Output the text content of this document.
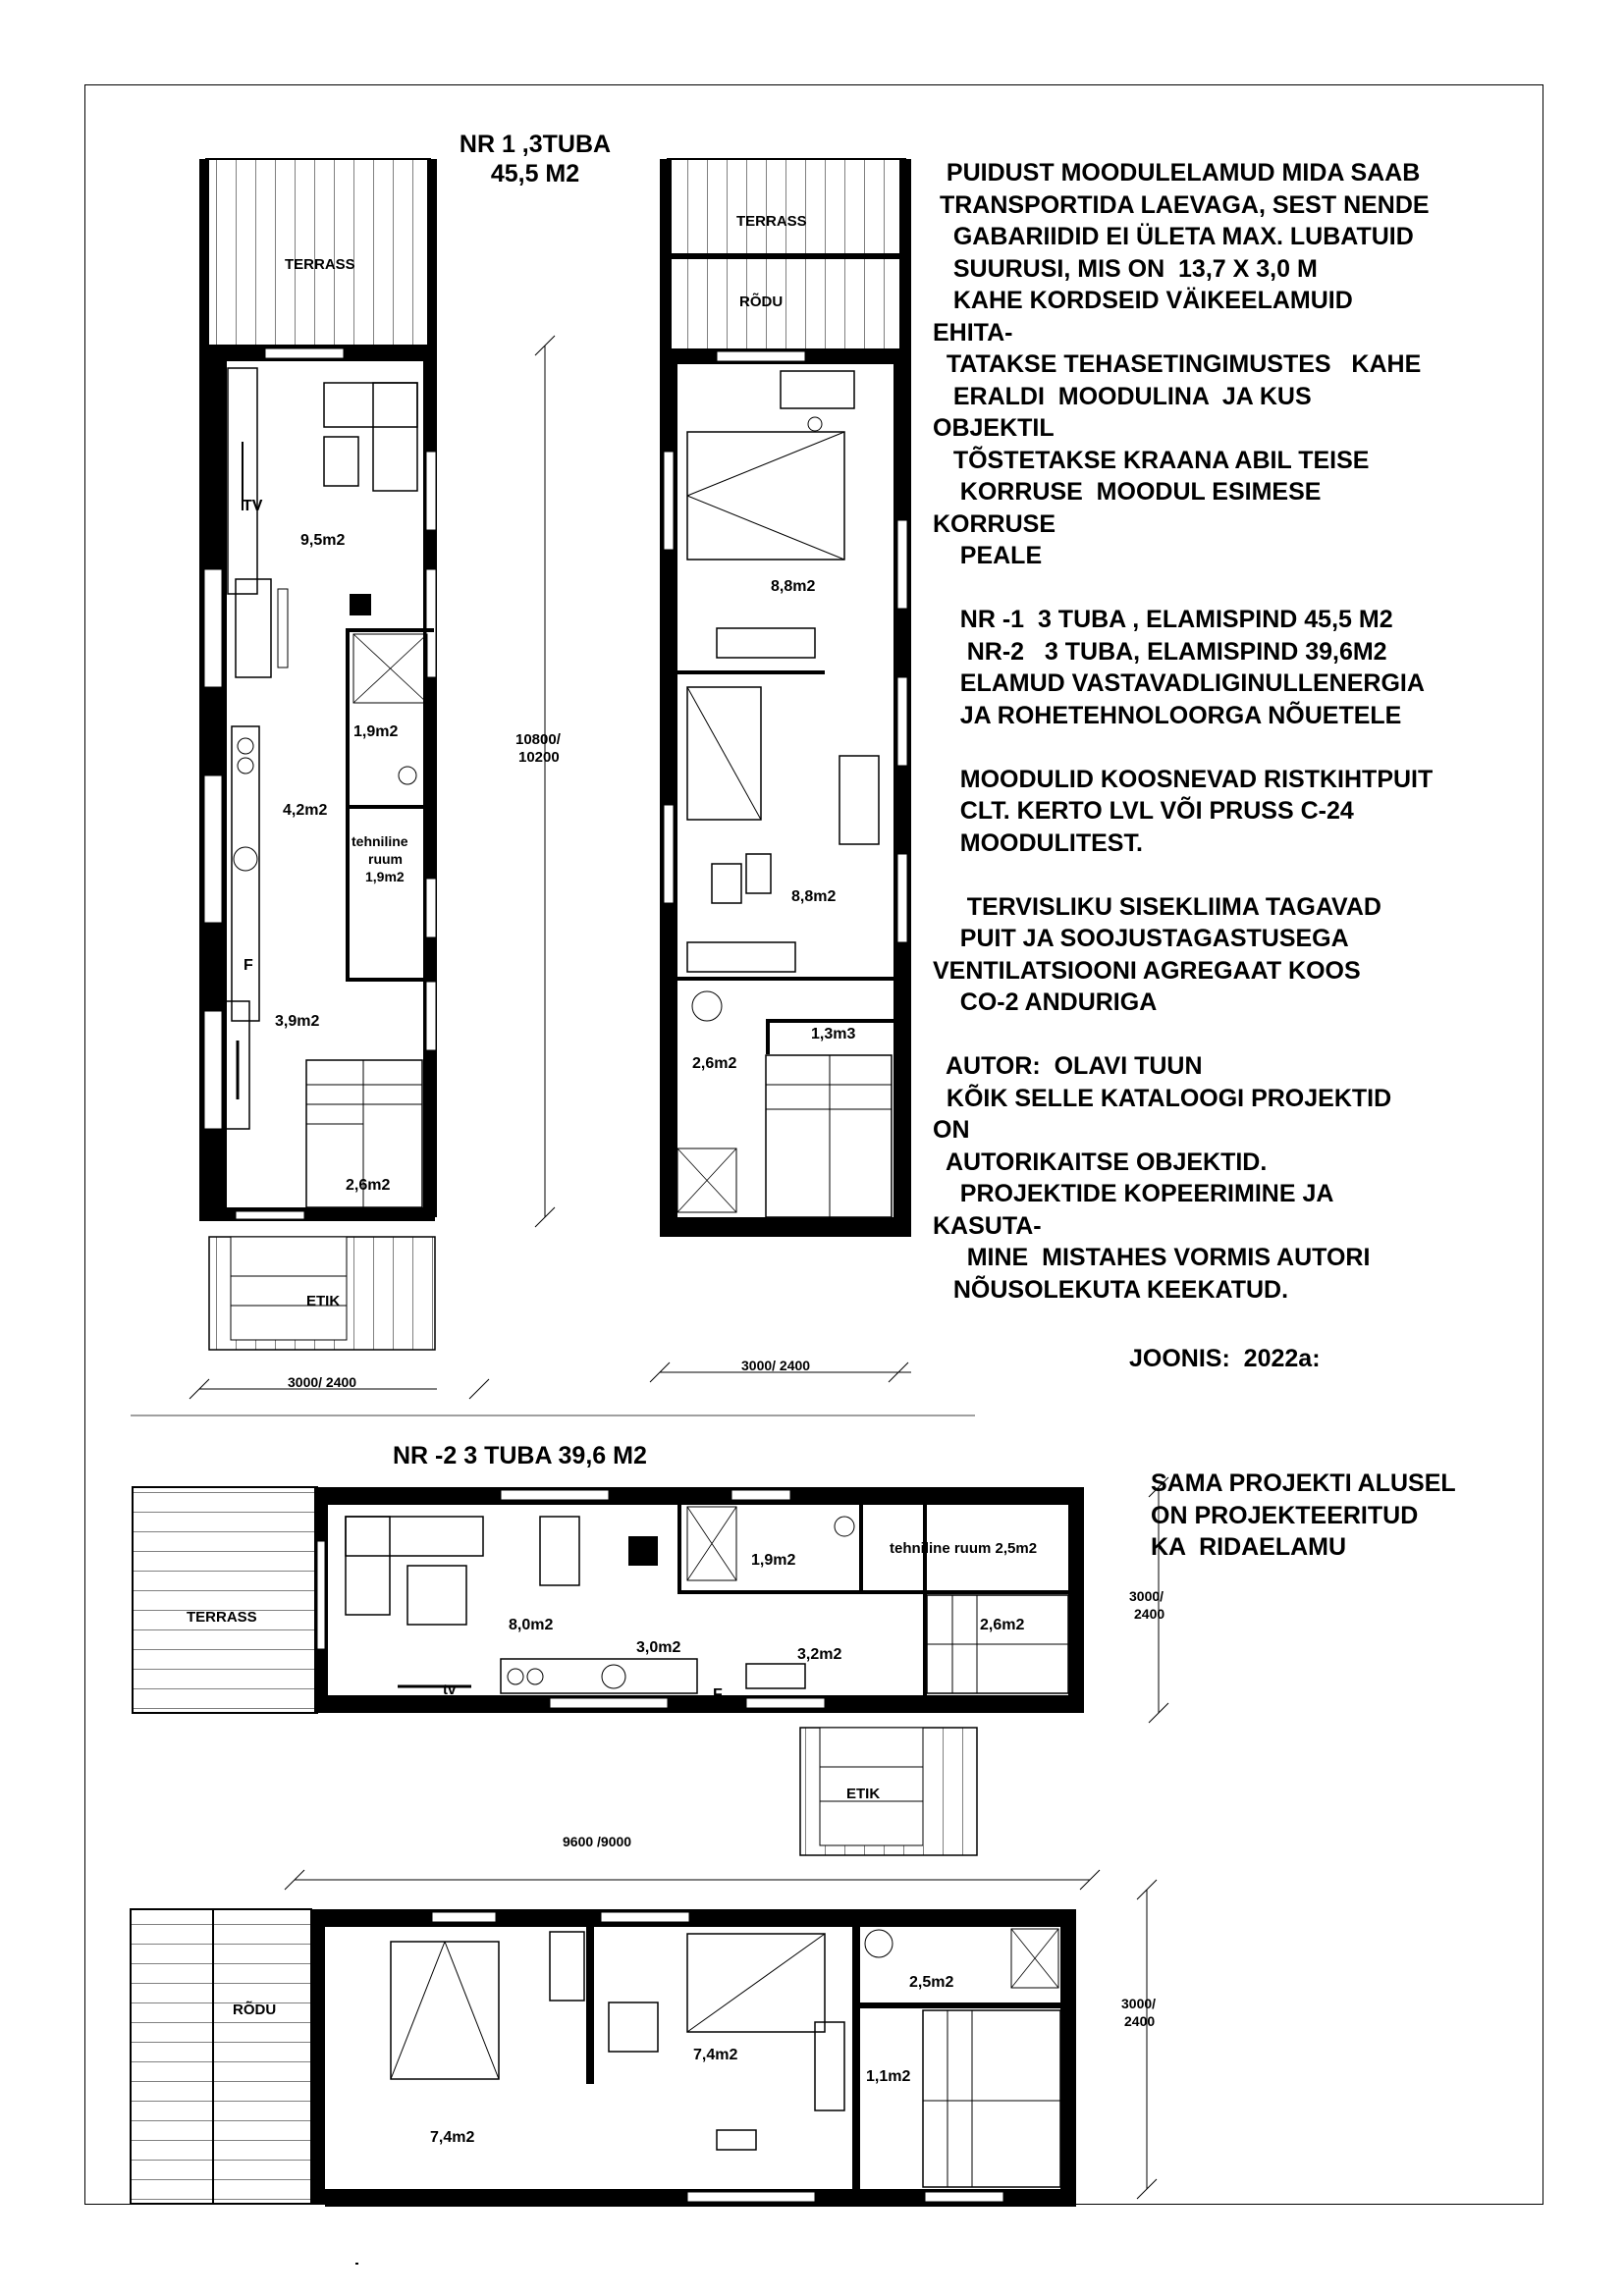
NR 1 ,3TUBA
45,5 M2
NR -2 3 TUBA 39,6 M2
PUIDUST MOODULELAMUD MIDA SAAB
TRANSPORTIDA LAEVAGA, SEST NENDE
GABARIIDID EI ÜLETA MAX. LUBATUID
SUURUSI, MIS ON  13,7 X 3,0 M
KAHE KORDSEID VÄIKEELAMUID
EHITA-
TATAKSE TEHASETINGIMUSTES   KAHE
ERALDI  MOODULINA  JA KUS
OBJEKTIL
TÕSTETAKSE KRAANA ABIL TEISE
KORRUSE  MOODUL ESIMESE
KORRUSE
PEALE

NR -1  3 TUBA , ELAMISPIND 45,5 M2
NR-2   3 TUBA, ELAMISPIND 39,6M2
ELAMUD VASTAVADLIGINULLENERGIA
JA ROHETEHNOLOORGA NÕUETELE

MOODULID KOOSNEVAD RISTKIHTPUIT
CLT. KERTO LVL VÕI PRUSS C-24
MOODULITEST.

TERVISLIKU SISEKLIIMA TAGAVAD
PUIT JA SOOJUSTAGASTUSEGA
VENTILATSIOONI AGREGAAT KOOS
CO-2 ANDURIGA

AUTOR:  OLAVI TUUN
KÕIK SELLE KATALOOGI PROJEKTID
ON
AUTORIKAITSE OBJEKTID.
PROJEKTIDE KOPEERIMINE JA
KASUTA-
MINE  MISTAHES VORMIS AUTORI
NÕUSOLEKUTA KEEKATUD.
JOONIS:  2022a:
SAMA PROJEKTI ALUSEL
ON PROJEKTEERITUD
KA  RIDAELAMU
TERRASS
TV
9,5m2
1,9m2
4,2m2
tehniline
ruum
1,9m2
F
3,9m2
2,6m2
ETIK
10800/
10200
3000/ 2400
TERRASS
RÕDU
8,8m2
8,8m2
2,6m2
1,3m3
3000/ 2400
TERRASS	8,0m2
3,0m2
1,9m2
tehniline ruum 2,5m2
3,2m2
2,6m2
tv	F
ETIK
3000/
2400
9600 /9000
RÕDU
7,4m2
7,4m2
2,5m2
1,1m2
3000/
2400
